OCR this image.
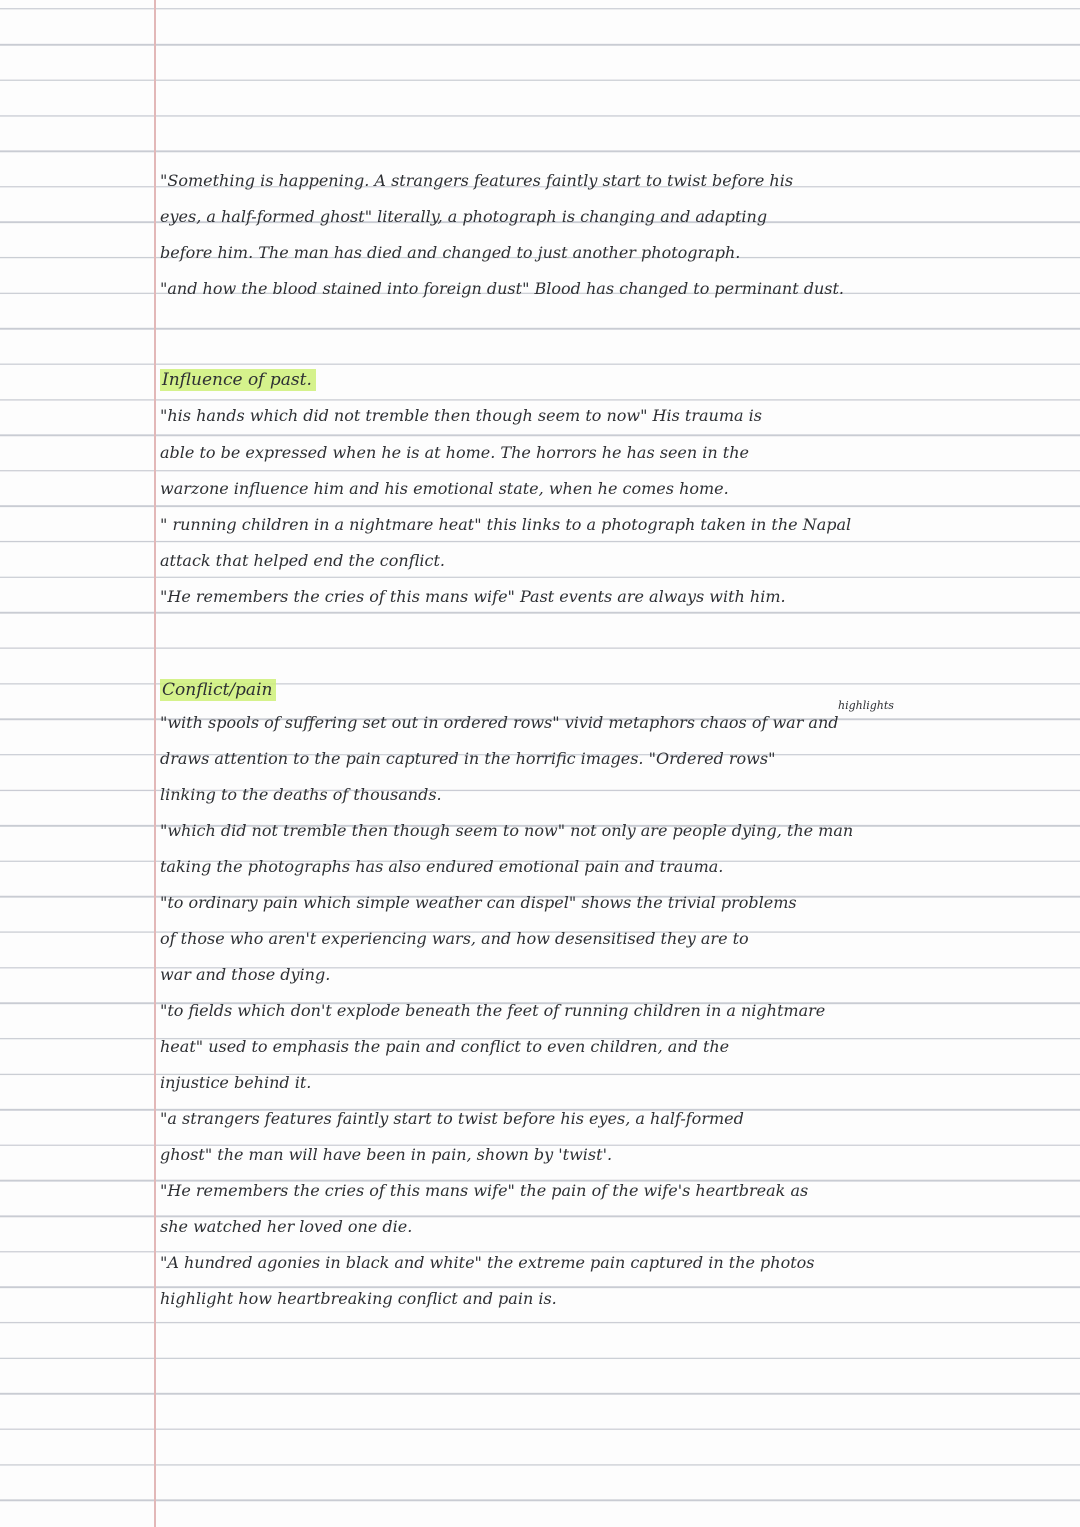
"Something is happening. A strangers features faintly start to twist before his
eyes, a half-formed ghost" literally, a photograph is changing and adapting
before him. The man has died and changed to just another photograph.
"and how the blood stained into foreign dust" Blood has changed to perminant dust.
Influence of past.
"his hands which did not tremble then though seem to now" His trauma is
able to be expressed when he is at home. The horrors he has seen in the
warzone influence him and his emotional state, when he comes home.
" running children in a nightmare heat" this links to a photograph taken in the Napal
attack that helped end the conflict.
"He remembers the cries of this mans wife" Past events are always with him.
Conflict/pain
highlights
"with spools of suffering set out in ordered rows" vivid metaphors chaos of war and
draws attention to the pain captured in the horrific images. "Ordered rows"
linking to the deaths of thousands.
"which did not tremble then though seem to now" not only are people dying, the man
taking the photographs has also endured emotional pain and trauma.
"to ordinary pain which simple weather can dispel" shows the trivial problems
of those who aren't experiencing wars, and how desensitised they are to
war and those dying.
"to fields which don't explode beneath the feet of running children in a nightmare
heat" used to emphasis the pain and conflict to even children, and the
injustice behind it.
"a strangers features faintly start to twist before his eyes, a half-formed
ghost" the man will have been in pain, shown by 'twist'.
"He remembers the cries of this mans wife" the pain of the wife's heartbreak as
she watched her loved one die.
"A hundred agonies in black and white" the extreme pain captured in the photos
highlight how heartbreaking conflict and pain is.
